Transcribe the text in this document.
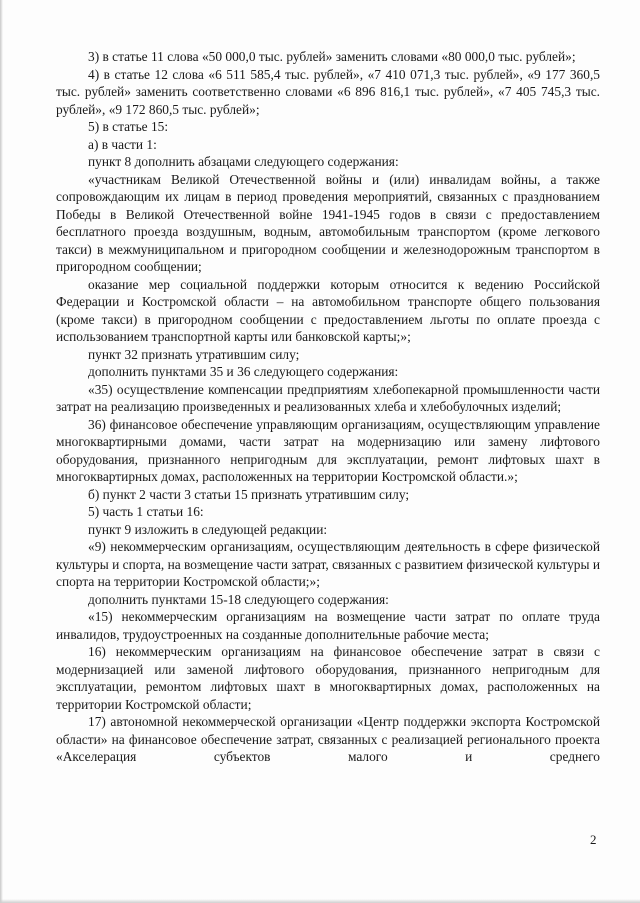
3) в статье 11 слова «50 000,0 тыс. рублей» заменить словами «80 000,0 тыс. рублей»;

4) в статье 12 слова «6 511 585,4 тыс. рублей», «7 410 071,3 тыс. рублей», «9 177 360,5 тыс. рублей» заменить соответственно словами «6 896 816,1 тыс. рублей», «7 405 745,3 тыс. рублей», «9 172 860,5 тыс. рублей»;

5) в статье 15:

а) в части 1:

пункт 8 дополнить абзацами следующего содержания:

«участникам Великой Отечественной войны и (или) инвалидам войны, а также сопровождающим их лицам в период проведения мероприятий, связанных с празднованием Победы в Великой Отечественной войне 1941-1945 годов в связи с предоставлением бесплатного проезда воздушным, водным, автомобильным транспортом (кроме легкового такси) в межмуниципальном и пригородном сообщении и железнодорожным транспортом в пригородном сообщении;

оказание мер социальной поддержки которым относится к ведению Российской Федерации и Костромской области – на автомобильном транспорте общего пользования (кроме такси) в пригородном сообщении с предоставлением льготы по оплате проезда с использованием транспортной карты или банковской карты;»;

пункт 32 признать утратившим силу;

дополнить пунктами 35 и 36 следующего содержания:

«35) осуществление компенсации предприятиям хлебопекарной промышленности части затрат на реализацию произведенных и реализованных хлеба и хлебобулочных изделий;

36) финансовое обеспечение управляющим организациям, осуществляющим управление многоквартирными домами, части затрат на модернизацию или замену лифтового оборудования, признанного непригодным для эксплуатации, ремонт лифтовых шахт в многоквартирных домах, расположенных на территории Костромской области.»;

б) пункт 2 части 3 статьи 15 признать утратившим силу;

5) часть 1 статьи 16:

пункт 9 изложить в следующей редакции:

«9) некоммерческим организациям, осуществляющим деятельность в сфере физической культуры и спорта, на возмещение части затрат, связанных с развитием физической культуры и спорта на территории Костромской области;»;

дополнить пунктами 15-18 следующего содержания:

«15) некоммерческим организациям на возмещение части затрат по оплате труда инвалидов, трудоустроенных на созданные дополнительные рабочие места;

16) некоммерческим организациям на финансовое обеспечение затрат в связи с модернизацией или заменой лифтового оборудования, признанного непригодным для эксплуатации, ремонтом лифтовых шахт в многоквартирных домах, расположенных на территории Костромской области;

17) автономной некоммерческой организации «Центр поддержки экспорта Костромской области» на финансовое обеспечение затрат, связанных с реализацией регионального проекта «Акселерация субъектов малого и среднего

2
